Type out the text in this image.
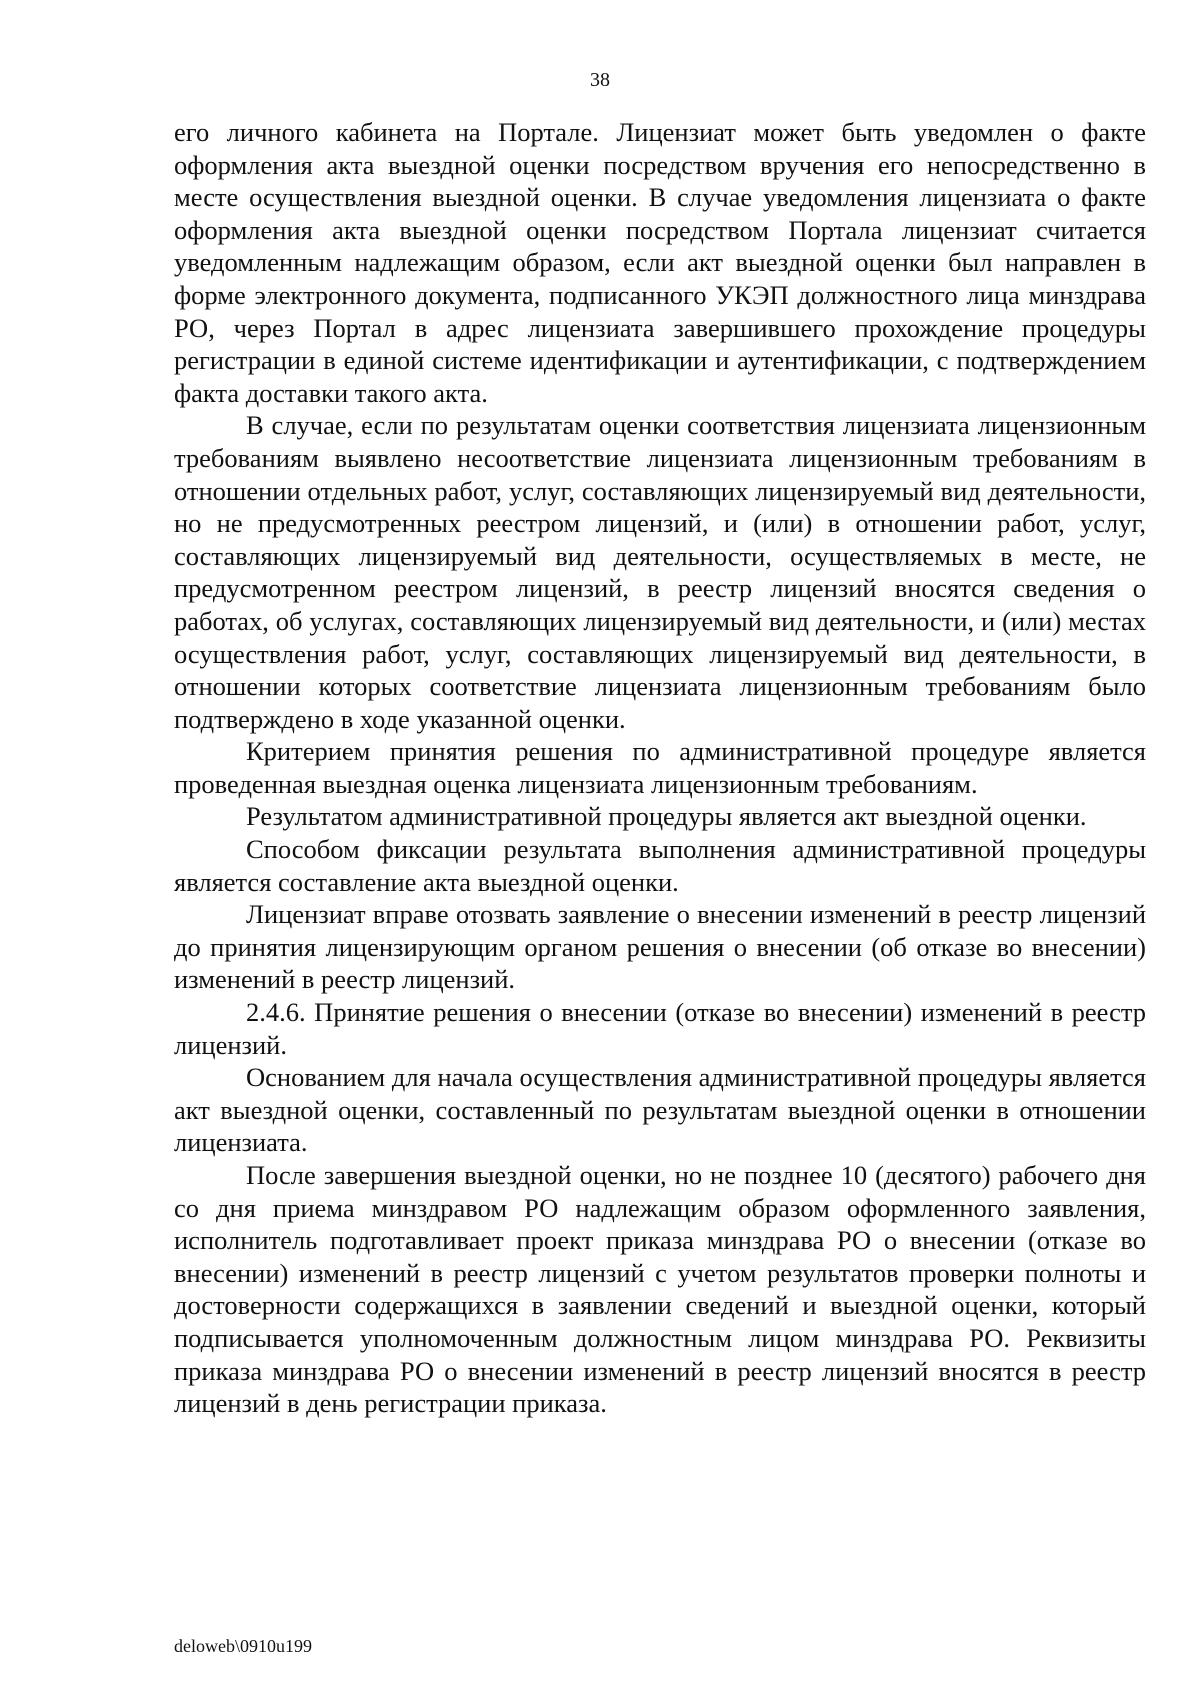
38

его личного кабинета на Портале. Лицензиат может быть уведомлен о факте оформления акта выездной оценки посредством вручения его непосредственно в месте осуществления выездной оценки. В случае уведомления лицензиата о факте оформления акта выездной оценки посредством Портала лицензиат считается уведомленным надлежащим образом, если акт выездной оценки был направлен в форме электронного документа, подписанного УКЭП должностного лица минздрава РО, через Портал в адрес лицензиата завершившего прохождение процедуры регистрации в единой системе идентификации и аутентификации, с подтверждением факта доставки такого акта.

В случае, если по результатам оценки соответствия лицензиата лицензионным требованиям выявлено несоответствие лицензиата лицензионным требованиям в отношении отдельных работ, услуг, составляющих лицензируемый вид деятельности, но не предусмотренных реестром лицензий, и (или) в отношении работ, услуг, составляющих лицензируемый вид деятельности, осуществляемых в месте, не предусмотренном реестром лицензий, в реестр лицензий вносятся сведения о работах, об услугах, составляющих лицензируемый вид деятельности, и (или) местах осуществления работ, услуг, составляющих лицензируемый вид деятельности, в отношении которых соответствие лицензиата лицензионным требованиям было подтверждено в ходе указанной оценки.

Критерием принятия решения по административной процедуре является проведенная выездная оценка лицензиата лицензионным требованиям.

Результатом административной процедуры является акт выездной оценки.

Способом фиксации результата выполнения административной процедуры является составление акта выездной оценки.

Лицензиат вправе отозвать заявление о внесении изменений в реестр лицензий до принятия лицензирующим органом решения о внесении (об отказе во внесении) изменений в реестр лицензий.

2.4.6. Принятие решения о внесении (отказе во внесении) изменений в реестр лицензий.

Основанием для начала осуществления административной процедуры является акт выездной оценки, составленный по результатам выездной оценки в отношении лицензиата.

После завершения выездной оценки, но не позднее 10 (десятого) рабочего дня со дня приема минздравом РО надлежащим образом оформленного заявления, исполнитель подготавливает проект приказа минздрава РО о внесении (отказе во внесении) изменений в реестр лицензий с учетом результатов проверки полноты и достоверности содержащихся в заявлении сведений и выездной оценки, который подписывается уполномоченным должностным лицом минздрава РО. Реквизиты приказа минздрава РО о внесении изменений в реестр лицензий вносятся в реестр лицензий в день регистрации приказа.

deloweb\0910u199
